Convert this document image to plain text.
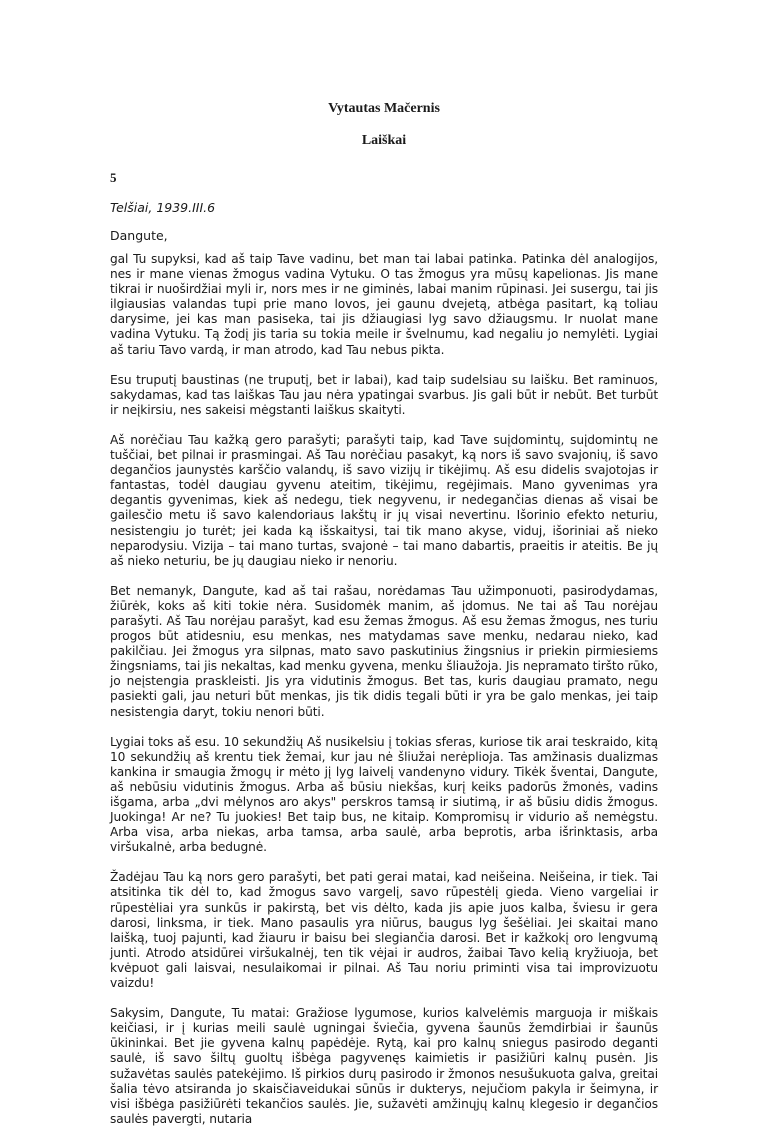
Vytautas Mačernis
Laiškai
5
Telšiai, 1939.III.6
Dangute,

gal Tu supyksi, kad aš taip Tave vadinu, bet man tai labai patinka. Patinka dėl analogijos, nes ir mane vienas žmogus vadina Vytuku. O tas žmogus yra mūsų kapelionas. Jis mane tikrai ir nuoširdžiai myli ir, nors mes ir ne giminės, labai manim rūpinasi. Jei susergu, tai jis ilgiausias valandas tupi prie mano lovos, jei gaunu dvejetą, atbėga pasitart, ką toliau darysime, jei kas man pasiseka, tai jis džiaugiasi lyg savo džiaugsmu. Ir nuolat mane vadina Vytuku. Tą žodį jis taria su tokia meile ir švelnumu, kad negaliu jo nemylėti. Lygiai aš tariu Tavo vardą, ir man atrodo, kad Tau nebus pikta.

Esu truputį baustinas (ne truputį, bet ir labai), kad taip sudelsiau su laišku. Bet raminuos, sakydamas, kad tas laiškas Tau jau nėra ypatingai svarbus. Jis gali būt ir nebūt. Bet turbūt ir neįkirsiu, nes sakeisi mėgstanti laiškus skaityti.

Aš norėčiau Tau kažką gero parašyti; parašyti taip, kad Tave suįdomintų, suįdomintų ne tuščiai, bet pilnai ir prasmingai. Aš Tau norėčiau pasakyt, ką nors iš savo svajonių, iš savo degančios jaunystės karščio valandų, iš savo vizijų ir tikėjimų. Aš esu didelis svajotojas ir fantastas, todėl daugiau gyvenu ateitim, tikėjimu, regėjimais. Mano gyvenimas yra degantis gyvenimas, kiek aš nedegu, tiek negyvenu, ir nedegančias dienas aš visai be gailesčio metu iš savo kalendoriaus lakštų ir jų visai nevertinu. Išorinio efekto neturiu, nesistengiu jo turėt; jei kada ką išskaitysi, tai tik mano akyse, viduj, išoriniai aš nieko neparodysiu. Vizija – tai mano turtas, svajonė – tai mano dabartis, praeitis ir ateitis. Be jų aš nieko neturiu, be jų daugiau nieko ir nenoriu.

Bet nemanyk, Dangute, kad aš tai rašau, norėdamas Tau užimponuoti, pasirodydamas, žiūrėk, koks aš kiti tokie nėra. Susidomėk manim, aš įdomus. Ne tai aš Tau norėjau parašyti. Aš Tau norėjau parašyt, kad esu žemas žmogus. Aš esu žemas žmogus, nes turiu progos būt atidesniu, esu menkas, nes matydamas save menku, nedarau nieko, kad pakilčiau. Jei žmogus yra silpnas, mato savo paskutinius žingsnius ir priekin pirmiesiems žingsniams, tai jis nekaltas, kad menku gyvena, menku šliaužoja. Jis nepramato tiršto rūko, jo neįstengia praskleisti. Jis yra vidutinis žmogus. Bet tas, kuris daugiau pramato, negu pasiekti gali, jau neturi būt menkas, jis tik didis tegali būti ir yra be galo menkas, jei taip nesistengia daryt, tokiu nenori būti.

Lygiai toks aš esu. 10 sekundžių Aš nusikelsiu į tokias sferas, kuriose tik arai teskraido, kitą 10 sekundžių aš krentu tiek žemai, kur jau nė šliužai nerėplioja. Tas amžinasis dualizmas kankina ir smaugia žmogų ir mėto jį lyg laivelį vandenyno vidury. Tikėk šventai, Dangute, aš nebūsiu vidutinis žmogus. Arba aš būsiu niekšas, kurį keiks padorūs žmonės, vadins išgama, arba „dvi mėlynos aro akys" perskros tamsą ir siutimą, ir aš būsiu didis žmogus. Juokinga! Ar ne? Tu juokies! Bet taip bus, ne kitaip. Kompromisų ir vidurio aš nemėgstu. Arba visa, arba niekas, arba tamsa, arba saulė, arba beprotis, arba išrinktasis, arba viršukalnė, arba bedugnė.

Žadėjau Tau ką nors gero parašyti, bet pati gerai matai, kad neišeina. Neišeina, ir tiek. Tai atsitinka tik dėl to, kad žmogus savo vargelį, savo rūpestėlį gieda. Vieno vargeliai ir rūpestėliai yra sunkūs ir pakirstą, bet vis dėlto, kada jis apie juos kalba, šviesu ir gera darosi, linksma, ir tiek. Mano pasaulis yra niūrus, baugus lyg šešėliai. Jei skaitai mano laišką, tuoj pajunti, kad žiauru ir baisu bei slegiančia darosi. Bet ir kažkokį oro lengvumą junti. Atrodo atsidūrei viršukalnėj, ten tik vėjai ir audros, žaibai Tavo kelią kryžiuoja, bet kvėpuot gali laisvai, nesulaikomai ir pilnai. Aš Tau noriu priminti visa tai improvizuotu vaizdu!

Sakysim, Dangute, Tu matai: Gražiose lygumose, kurios kalvelėmis marguoja ir miškais keičiasi, ir į kurias meili saulė ugningai šviečia, gyvena šaunūs žemdirbiai ir šaunūs ūkininkai. Bet jie gyvena kalnų papėdėje. Rytą, kai pro kalnų sniegus pasirodo deganti saulė, iš savo šiltų guoltų išbėga pagyvenęs kaimietis ir pasižiūri kalnų pusėn. Jis sužavėtas saulės patekėjimo. Iš pirkios durų pasirodo ir žmonos nesušukuota galva, greitai šalia tėvo atsiranda jo skaisčiaveidukai sūnūs ir dukterys, nejučiom pakyla ir šeimyna, ir visi išbėga pasižiūrėti tekančios saulės. Jie, sužavėti amžinųjų kalnų klegesio ir degančios saulės pavergti, nutaria
